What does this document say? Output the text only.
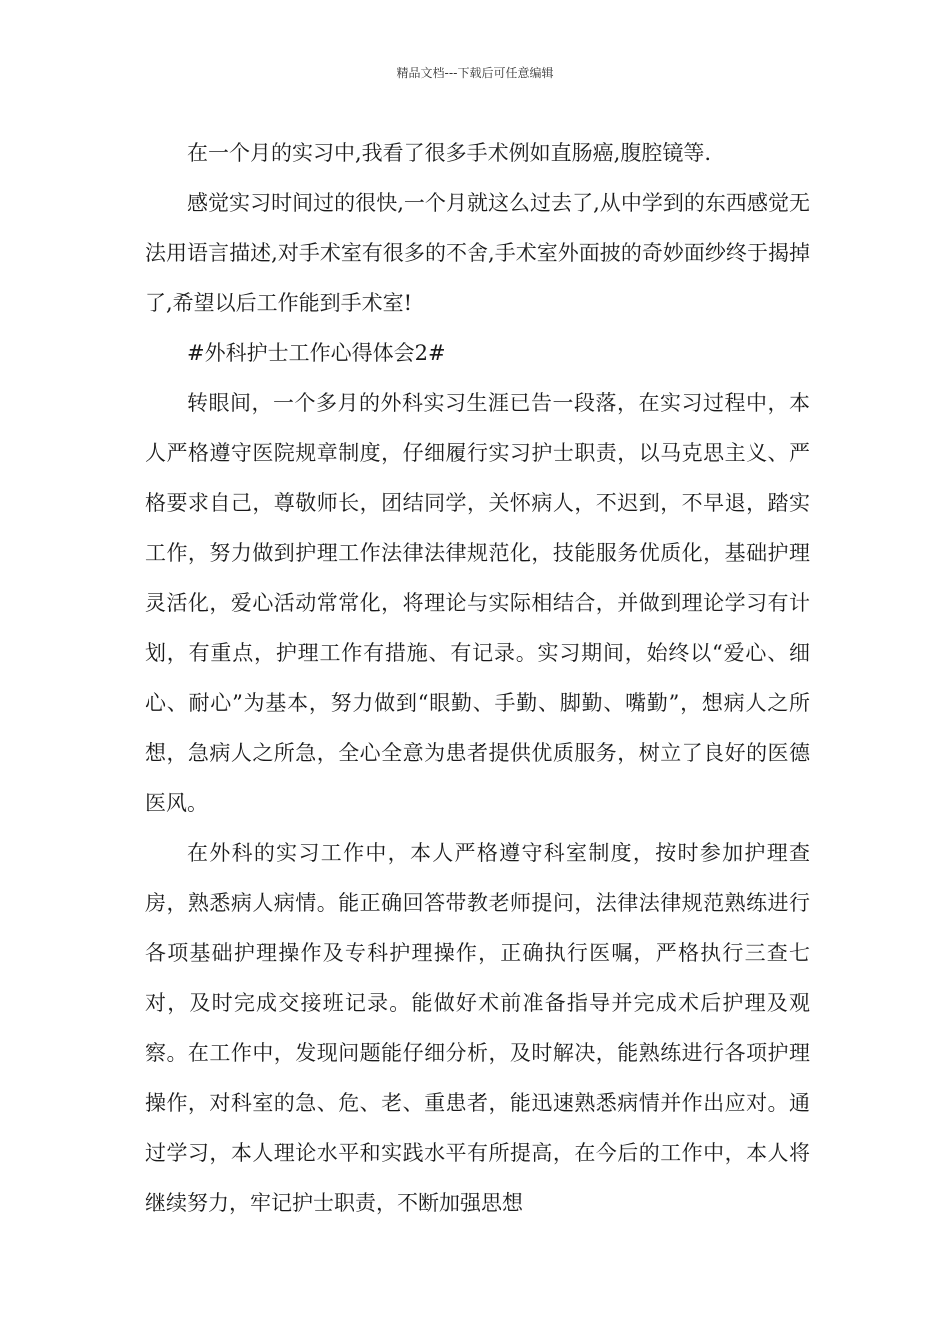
精品文档---下载后可任意编辑

在一个月的实习中,我看了很多手术例如直肠癌,腹腔镜等.

感觉实习时间过的很快,一个月就这么过去了,从中学到的东西感觉无法用语言描述,对手术室有很多的不舍,手术室外面披的奇妙面纱终于揭掉了,希望以后工作能到手术室!

#外科护士工作心得体会2#

转眼间，一个多月的外科实习生涯已告一段落，在实习过程中，本人严格遵守医院规章制度，仔细履行实习护士职责，以马克思主义、严格要求自己，尊敬师长，团结同学，关怀病人，不迟到，不早退，踏实工作，努力做到护理工作法律法律规范化，技能服务优质化，基础护理灵活化，爱心活动常常化，将理论与实际相结合，并做到理论学习有计划，有重点，护理工作有措施、有记录。实习期间，始终以“爱心、细心、耐心”为基本，努力做到“眼勤、手勤、脚勤、嘴勤”，想病人之所想，急病人之所急，全心全意为患者提供优质服务，树立了良好的医德医风。

在外科的实习工作中，本人严格遵守科室制度，按时参加护理查房，熟悉病人病情。能正确回答带教老师提问，法律法律规范熟练进行各项基础护理操作及专科护理操作，正确执行医嘱，严格执行三查七对，及时完成交接班记录。能做好术前准备指导并完成术后护理及观察。在工作中，发现问题能仔细分析，及时解决，能熟练进行各项护理操作，对科室的急、危、老、重患者，能迅速熟悉病情并作出应对。通过学习，本人理论水平和实践水平有所提高，在今后的工作中，本人将继续努力，牢记护士职责，不断加强思想
